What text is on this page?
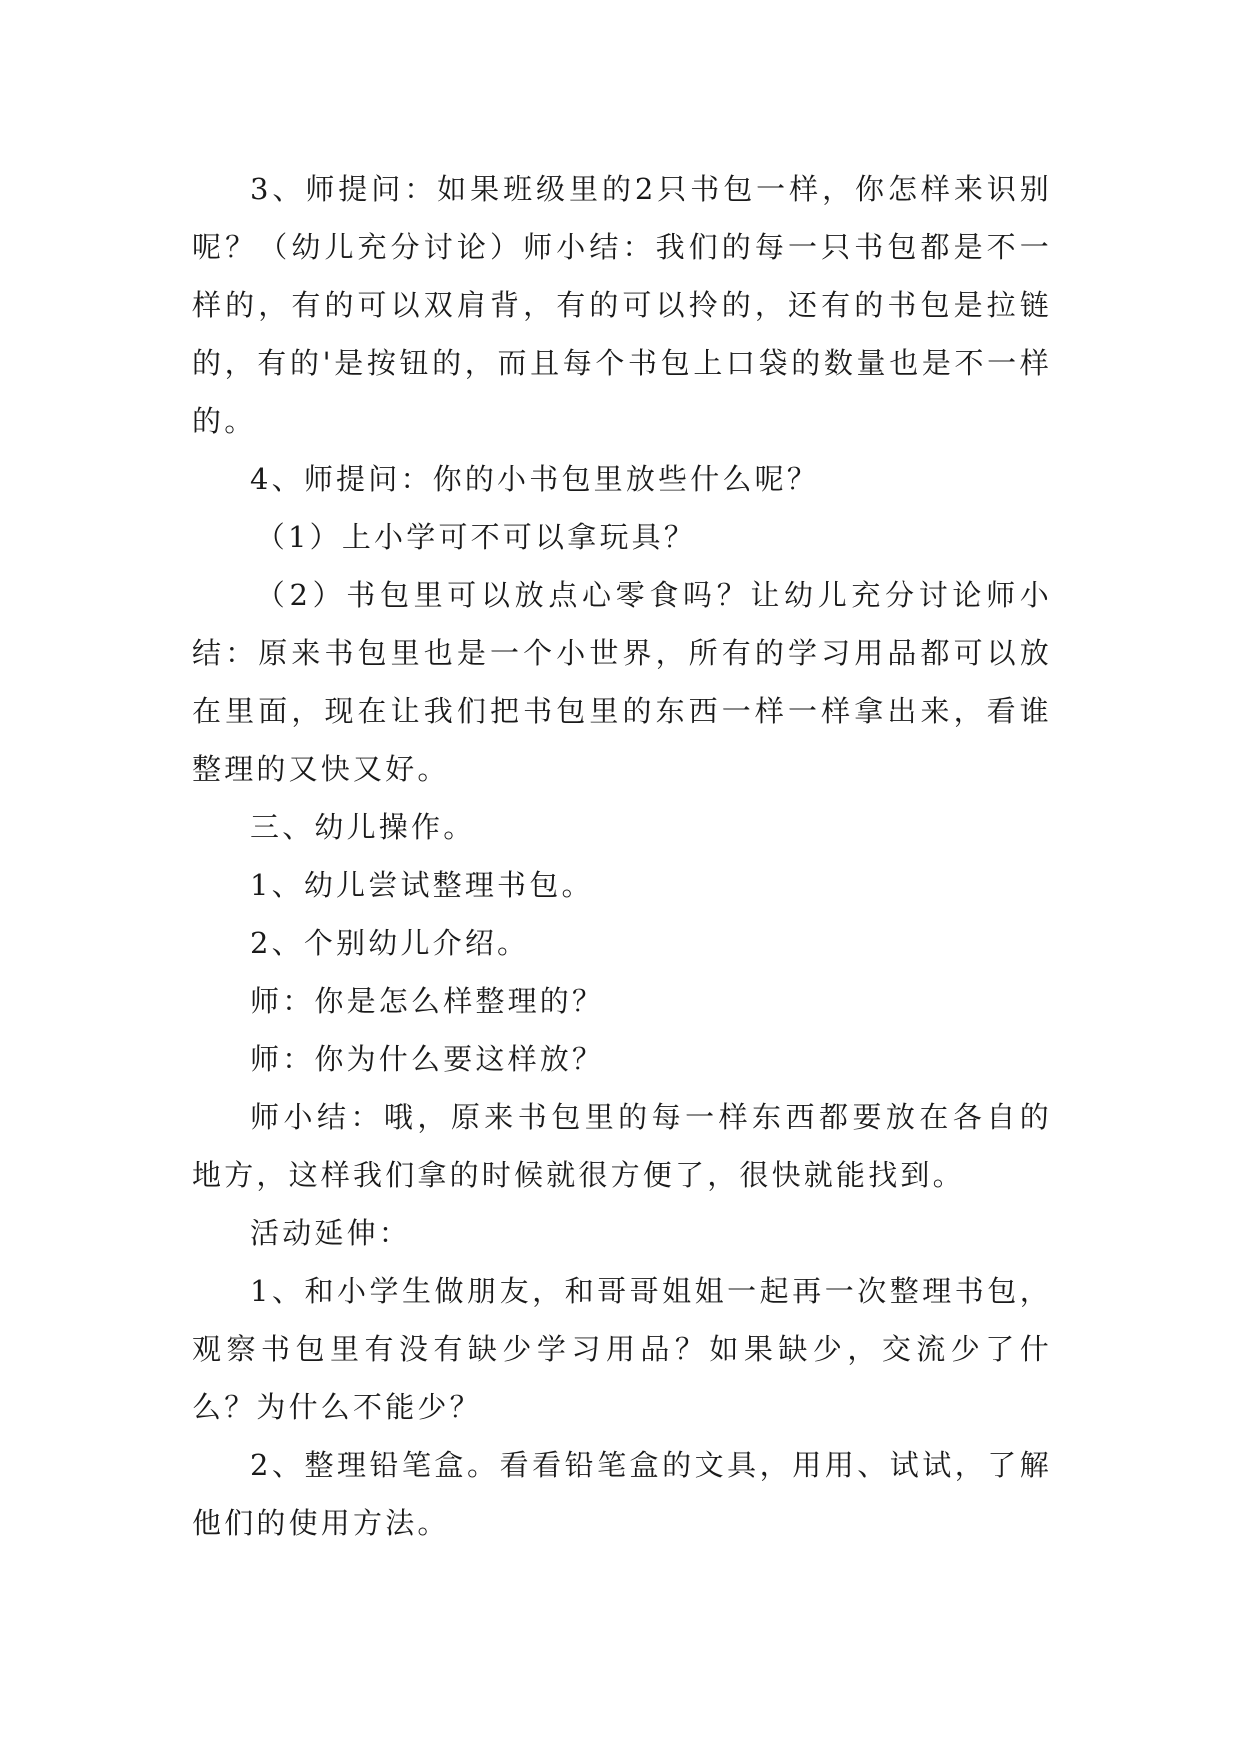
3、师提问：如果班级里的2只书包一样，你怎样来识别呢？（幼儿充分讨论）师小结：我们的每一只书包都是不一样的，有的可以双肩背，有的可以拎的，还有的书包是拉链的，有的'是按钮的，而且每个书包上口袋的数量也是不一样的。

4、师提问：你的小书包里放些什么呢？

（1）上小学可不可以拿玩具？

（2）书包里可以放点心零食吗？让幼儿充分讨论师小结：原来书包里也是一个小世界，所有的学习用品都可以放在里面，现在让我们把书包里的东西一样一样拿出来，看谁整理的又快又好。

三、幼儿操作。

1、幼儿尝试整理书包。

2、个别幼儿介绍。

师：你是怎么样整理的？

师：你为什么要这样放？

师小结：哦，原来书包里的每一样东西都要放在各自的地方，这样我们拿的时候就很方便了，很快就能找到。

活动延伸：

1、和小学生做朋友，和哥哥姐姐一起再一次整理书包，观察书包里有没有缺少学习用品？如果缺少，交流少了什么？为什么不能少？

2、整理铅笔盒。看看铅笔盒的文具，用用、试试，了解他们的使用方法。
